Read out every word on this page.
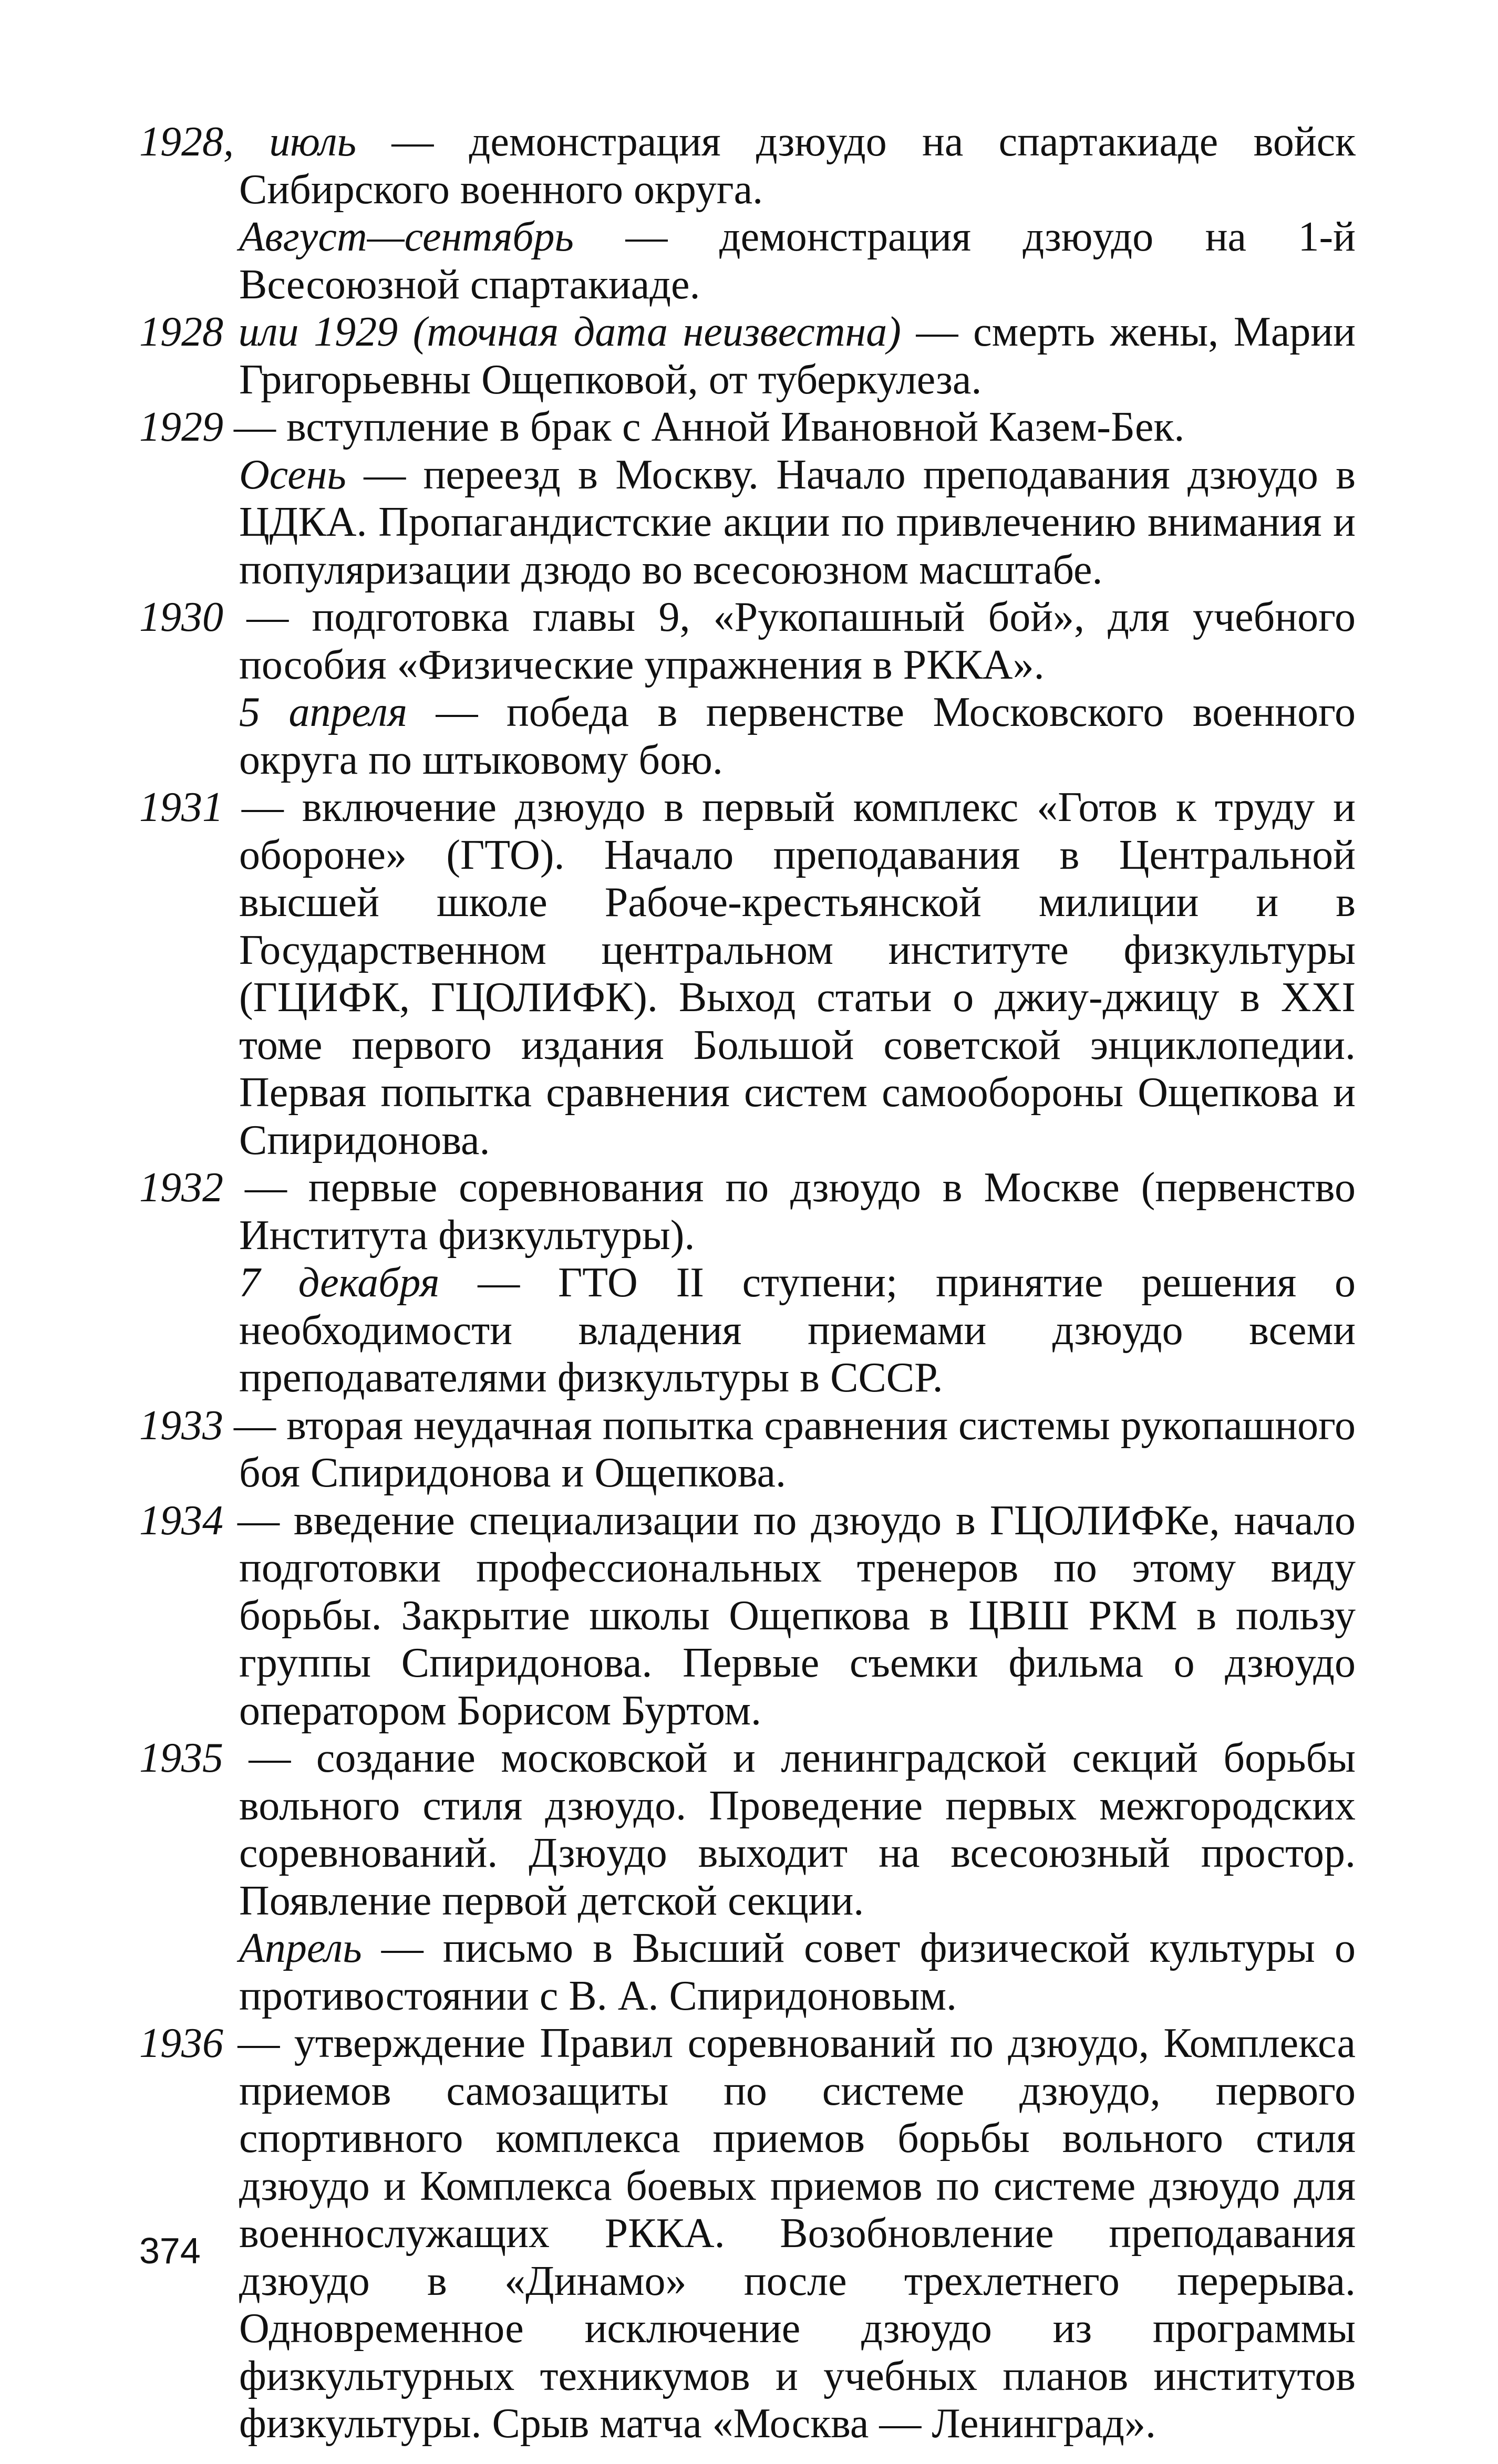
1928, июль — демонстрация дзюудо на спартакиаде войск Сибирского военного округа.

Август—сентябрь — демонстрация дзюудо на 1-й Всесоюзной спартакиаде.

1928 или 1929 (точная дата неизвестна) — смерть жены, Марии Григорьевны Ощепковой, от туберкулеза.

1929 — вступление в брак с Анной Ивановной Казем-Бек.

Осень — переезд в Москву. Начало преподавания дзюудо в ЦДКА. Пропагандистские акции по привлечению внимания и популяризации дзюдо во всесоюзном масштабе.

1930 — подготовка главы 9, «Рукопашный бой», для учебного пособия «Физические упражнения в РККА».

5 апреля — победа в первенстве Московского военного округа по штыковому бою.

1931 — включение дзюудо в первый комплекс «Готов к труду и обороне» (ГТО). Начало преподавания в Центральной высшей школе Рабоче-крестьянской милиции и в Государственном центральном институте физкультуры (ГЦИФК, ГЦОЛИФК). Выход статьи о джиу-джицу в XXI томе первого издания Большой советской энциклопедии. Первая попытка сравнения систем самообороны Ощепкова и Спиридонова.

1932 — первые соревнования по дзюудо в Москве (первенство Института физкультуры).

7 декабря — ГТО II ступени; принятие решения о необходимости владения приемами дзюудо всеми преподавателями физкультуры в СССР.

1933 — вторая неудачная попытка сравнения системы рукопашного боя Спиридонова и Ощепкова.

1934 — введение специализации по дзюудо в ГЦОЛИФКе, начало подготовки профессиональных тренеров по этому виду борьбы. Закрытие школы Ощепкова в ЦВШ РКМ в пользу группы Спиридонова. Первые съемки фильма о дзюудо оператором Борисом Буртом.

1935 — создание московской и ленинградской секций борьбы вольного стиля дзюудо. Проведение первых межгородских соревнований. Дзюудо выходит на всесоюзный простор. Появление первой детской секции.

Апрель — письмо в Высший совет физической культуры о противостоянии с В. А. Спиридоновым.

1936 — утверждение Правил соревнований по дзюудо, Комплекса приемов самозащиты по системе дзюудо, первого спортивного комплекса приемов борьбы вольного стиля дзюудо и Комплекса боевых приемов по системе дзюудо для военнослужащих РККА. Возобновление преподавания дзюудо в «Динамо» после трехлетнего перерыва. Одновременное исключение дзюудо из программы физкультурных техникумов и учебных планов институтов физкультуры. Срыв матча «Москва — Ленинград».

374
